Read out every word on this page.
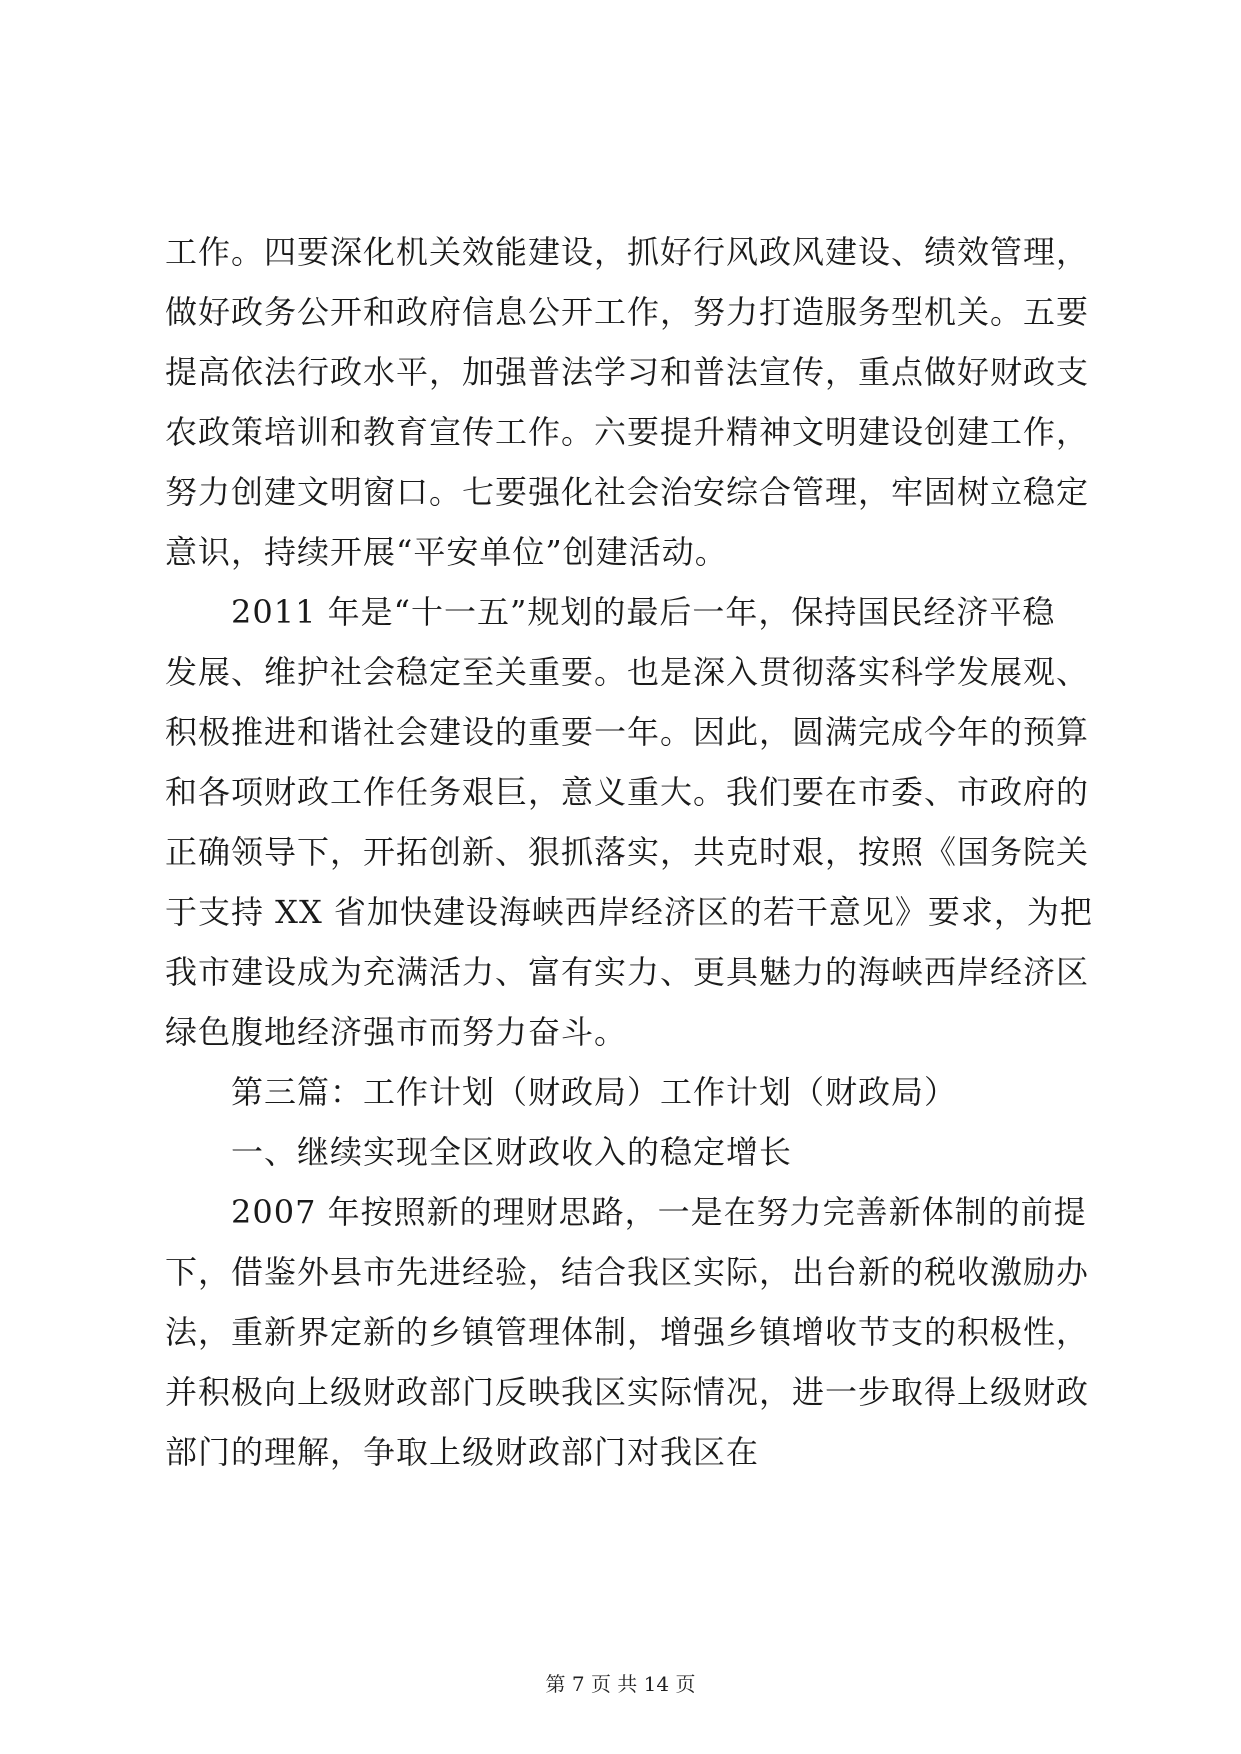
工作。四要深化机关效能建设，抓好行风政风建设、绩效管理，
做好政务公开和政府信息公开工作，努力打造服务型机关。五要
提高依法行政水平，加强普法学习和普法宣传，重点做好财政支
农政策培训和教育宣传工作。六要提升精神文明建设创建工作，
努力创建文明窗口。七要强化社会治安综合管理，牢固树立稳定
意识，持续开展“平安单位”创建活动。
2011 年是“十一五”规划的最后一年，保持国民经济平稳
发展、维护社会稳定至关重要。也是深入贯彻落实科学发展观、
积极推进和谐社会建设的重要一年。因此，圆满完成今年的预算
和各项财政工作任务艰巨，意义重大。我们要在市委、市政府的
正确领导下，开拓创新、狠抓落实，共克时艰，按照《国务院关
于支持 XX 省加快建设海峡西岸经济区的若干意见》要求，为把
我市建设成为充满活力、富有实力、更具魅力的海峡西岸经济区
绿色腹地经济强市而努力奋斗。
第三篇：工作计划（财政局）工作计划（财政局）
一、继续实现全区财政收入的稳定增长
2007 年按照新的理财思路，一是在努力完善新体制的前提
下，借鉴外县市先进经验，结合我区实际，出台新的税收激励办
法，重新界定新的乡镇管理体制，增强乡镇增收节支的积极性，
并积极向上级财政部门反映我区实际情况，进一步取得上级财政
部门的理解，争取上级财政部门对我区在
第 7 页 共 14 页
